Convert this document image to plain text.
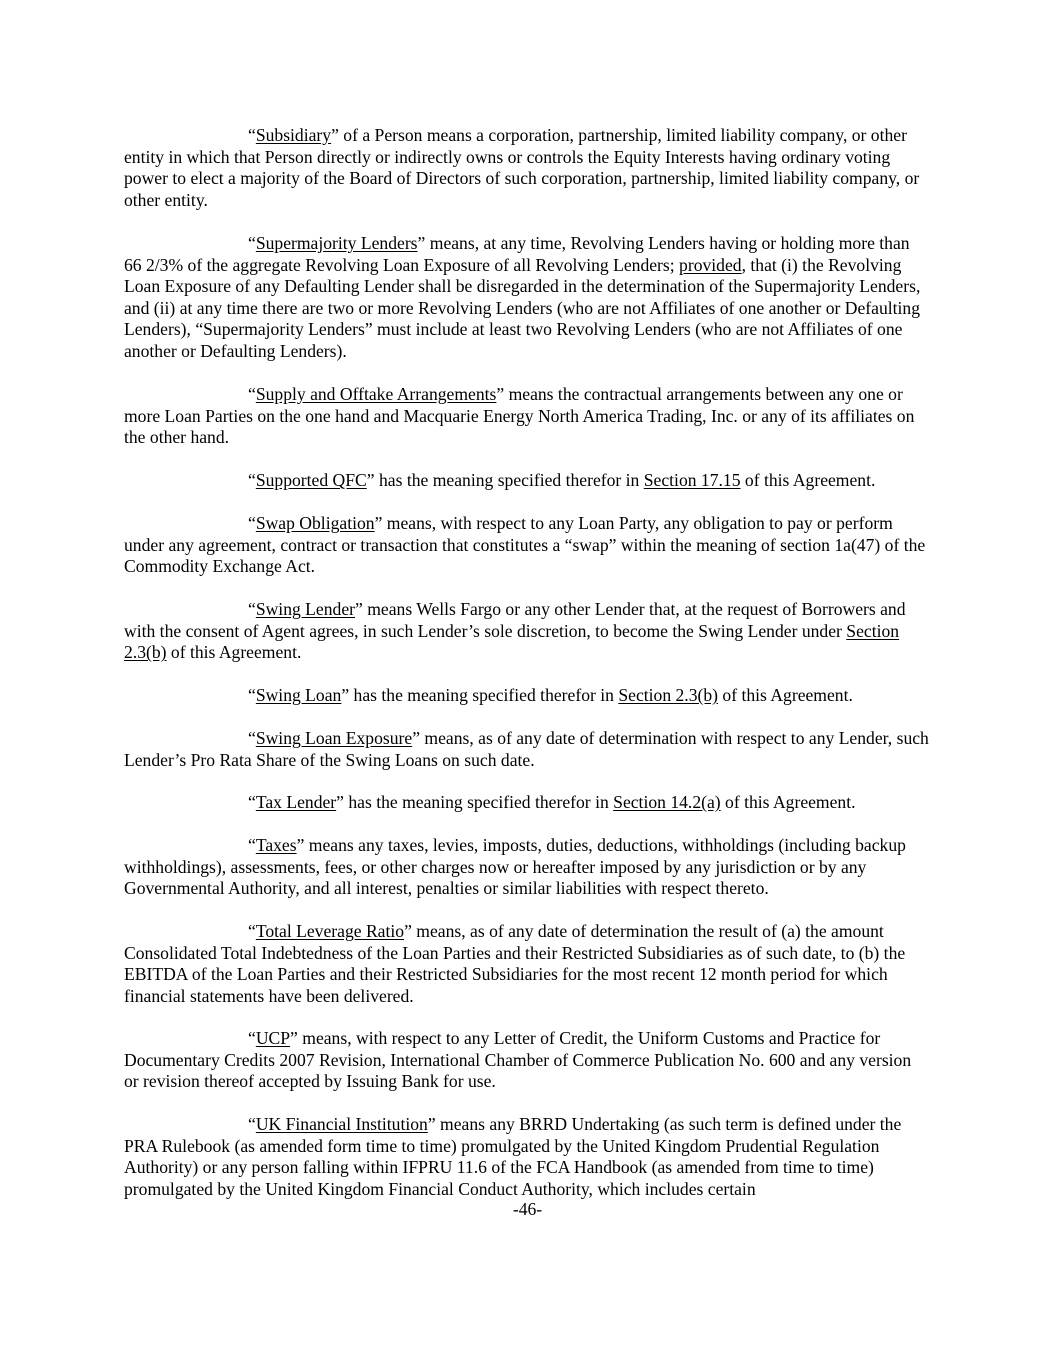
“Subsidiary” of a Person means a corporation, partnership, limited liability company, or other entity in which that Person directly or indirectly owns or controls the Equity Interests having ordinary voting power to elect a majority of the Board of Directors of such corporation, partnership, limited liability company, or other entity.

“Supermajority Lenders” means, at any time, Revolving Lenders having or holding more than 66 2/3% of the aggregate Revolving Loan Exposure of all Revolving Lenders; provided, that (i) the Revolving Loan Exposure of any Defaulting Lender shall be disregarded in the determination of the Supermajority Lenders, and (ii) at any time there are two or more Revolving Lenders (who are not Affiliates of one another or Defaulting Lenders), “Supermajority Lenders” must include at least two Revolving Lenders (who are not Affiliates of one another or Defaulting Lenders).

“Supply and Offtake Arrangements” means the contractual arrangements between any one or more Loan Parties on the one hand and Macquarie Energy North America Trading, Inc. or any of its affiliates on the other hand.

“Supported QFC” has the meaning specified therefor in Section 17.15 of this Agreement.

“Swap Obligation” means, with respect to any Loan Party, any obligation to pay or perform under any agreement, contract or transaction that constitutes a “swap” within the meaning of section 1a(47) of the Commodity Exchange Act.

“Swing Lender” means Wells Fargo or any other Lender that, at the request of Borrowers and with the consent of Agent agrees, in such Lender’s sole discretion, to become the Swing Lender under Section 2.3(b) of this Agreement.

“Swing Loan” has the meaning specified therefor in Section 2.3(b) of this Agreement.

“Swing Loan Exposure” means, as of any date of determination with respect to any Lender, such Lender’s Pro Rata Share of the Swing Loans on such date.

“Tax Lender” has the meaning specified therefor in Section 14.2(a) of this Agreement.

“Taxes” means any taxes, levies, imposts, duties, deductions, withholdings (including backup withholdings), assessments, fees, or other charges now or hereafter imposed by any jurisdiction or by any Governmental Authority, and all interest, penalties or similar liabilities with respect thereto.

“Total Leverage Ratio” means, as of any date of determination the result of (a) the amount Consolidated Total Indebtedness of the Loan Parties and their Restricted Subsidiaries as of such date, to (b) the EBITDA of the Loan Parties and their Restricted Subsidiaries for the most recent 12 month period for which financial statements have been delivered.

“UCP” means, with respect to any Letter of Credit, the Uniform Customs and Practice for Documentary Credits 2007 Revision, International Chamber of Commerce Publication No. 600 and any version or revision thereof accepted by Issuing Bank for use.

“UK Financial Institution” means any BRRD Undertaking (as such term is defined under the PRA Rulebook (as amended form time to time) promulgated by the United Kingdom Prudential Regulation Authority) or any person falling within IFPRU 11.6 of the FCA Handbook (as amended from time to time) promulgated by the United Kingdom Financial Conduct Authority, which includes certain

-46-
